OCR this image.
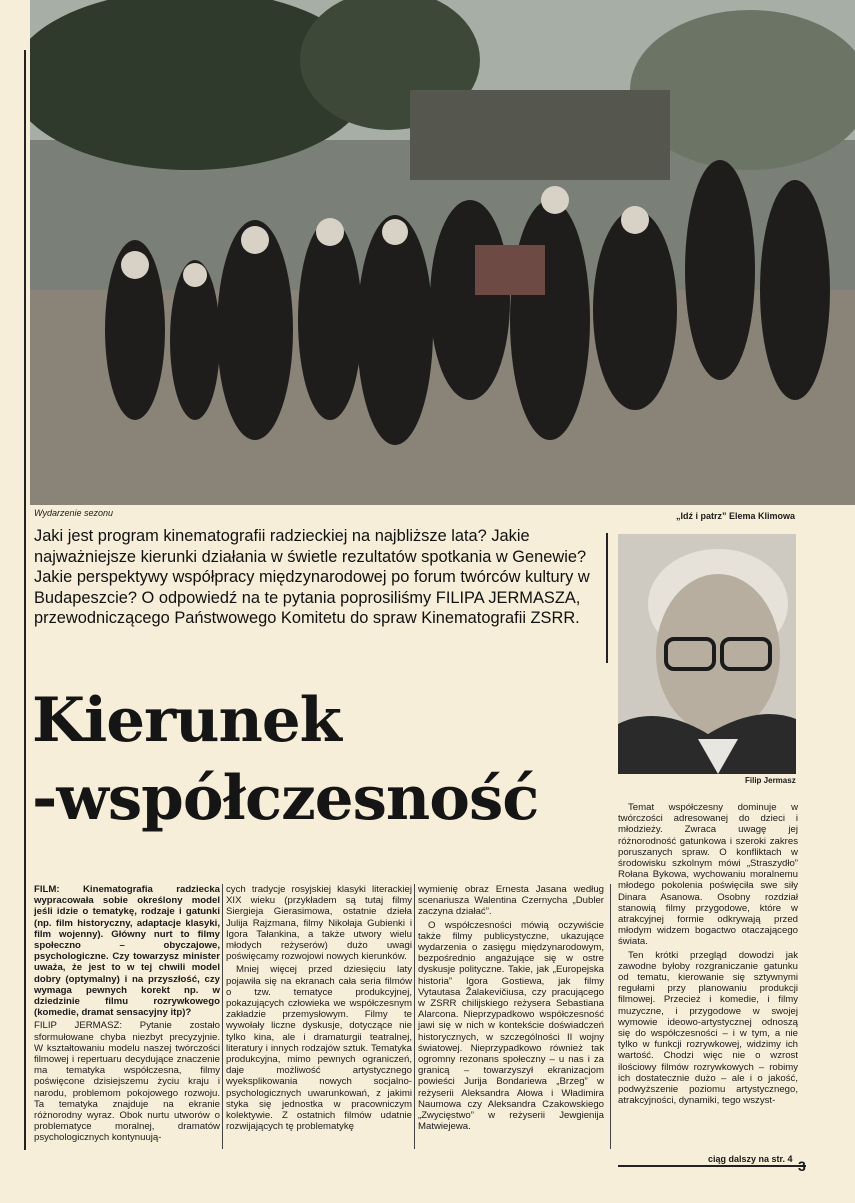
Wydarzenie sezonu	„Idź i patrz” Elema Klimowa
Jaki jest program kinematografii radzieckiej na najbliższe lata? Jakie najważniejsze kierunki działania w świetle rezultatów spotkania w Genewie? Jakie perspektywy współpracy międzynarodowej po forum twórców kultury w Budapeszcie? O odpowiedź na te pytania poprosiliśmy FILIPA JERMASZA, przewodniczącego Państwowego Komitetu do spraw Kinematografii ZSRR.
Filip Jermasz
Kierunek
-współczesność

FILM: Kinematografia radziecka wypracowała sobie określony model jeśli idzie o tematykę, rodzaje i gatunki (np. film historyczny, adaptacje klasyki, film wojenny). Główny nurt to filmy społeczno – obyczajowe, psychologiczne. Czy towarzysz minister uważa, że jest to w tej chwili model dobry (optymalny) i na przyszłość, czy wymaga pewnych korekt np. w dziedzinie filmu rozrywkowego (komedie, dramat sensacyjny itp)?

FILIP JERMASZ: Pytanie zostało sformułowane chyba niezbyt precyzyjnie. W kształtowaniu modelu naszej twórczości filmowej i repertuaru decydujące znaczenie ma tematyka współczesna, filmy poświęcone dzisiejszemu życiu kraju i narodu, problemom pokojowego rozwoju. Ta tematyka znajduje na ekranie różnorodny wyraz. Obok nurtu utworów o problematyce moralnej, dramatów psychologicznych kontynuują-

cych tradycje rosyjskiej klasyki literackiej XIX wieku (przykładem są tutaj filmy Siergieja Gierasimowa, ostatnie dzieła Julija Rajzmana, filmy Nikołaja Gubienki i Igora Tałankina, a także utwory wielu młodych reżyserów) dużo uwagi poświęcamy rozwojowi nowych kierunków.

Mniej więcej przed dziesięciu laty pojawiła się na ekranach cała seria filmów o tzw. tematyce produkcyjnej, pokazujących człowieka we współczesnym zakładzie przemysłowym. Filmy te wywołały liczne dyskusje, dotyczące nie tylko kina, ale i dramaturgii teatralnej, literatury i innych rodzajów sztuk. Tematyka produkcyjna, mimo pewnych ograniczeń, daje możliwość artystycznego wyeksplikowania nowych socjalno-psychologicznych uwarunkowań, z jakimi styka się jednostka w pracowniczym kolektywie. Z ostatnich filmów udatnie rozwijających tę problematykę

wymienię obraz Ernesta Jasana według scenariusza Walentina Czernycha „Dubler zaczyna działać”.

O współczesności mówią oczywiście także filmy publicystyczne, ukazujące wydarzenia o zasięgu międzynarodowym, bezpośrednio angażujące się w ostre dyskusje polityczne. Takie, jak „Europejska historia” Igora Gostiewa, jak filmy Vytautasa Žalakevičiusa, czy pracującego w ZSRR chilijskiego reżysera Sebastiana Alarcona. Nieprzypadkowo współczesność jawi się w nich w kontekście doświadczeń historycznych, w szczególności II wojny światowej. Nieprzypadkowo również tak ogromny rezonans społeczny – u nas i za granicą – towarzyszył ekranizacjom powieści Jurija Bondariewa „Brzeg” w reżyserii Aleksandra Ałowa i Władimira Naumowa czy Aleksandra Czakowskiego „Zwycięstwo” w reżyserii Jewgienija Matwiejewa.

Temat współczesny dominuje w twórczości adresowanej do dzieci i młodzieży. Zwraca uwagę jej różnorodność gatunkowa i szeroki zakres poruszanych spraw. O konfliktach w środowisku szkolnym mówi „Straszydło” Rołana Bykowa, wychowaniu moralnemu młodego pokolenia poświęciła swe siły Dinara Asanowa. Osobny rozdział stanowią filmy przygodowe, które w atrakcyjnej formie odkrywają przed młodym widzem bogactwo otaczającego świata.

Ten krótki przegląd dowodzi jak zawodne byłoby rozgraniczanie gatunku od tematu, kierowanie się sztywnymi regułami przy planowaniu produkcji filmowej. Przecież i komedie, i filmy muzyczne, i przygodowe w swojej wymowie ideowo-artystycznej odnoszą się do współczesności – i w tym, a nie tylko w funkcji rozrywkowej, widzimy ich wartość. Chodzi więc nie o wzrost ilościowy filmów rozrywkowych – robimy ich dostatecznie dużo – ale i o jakość, podwyższenie poziomu artystycznego, atrakcyjności, dynamiki, tego wszyst-

ciąg dalszy na str. 4 3
